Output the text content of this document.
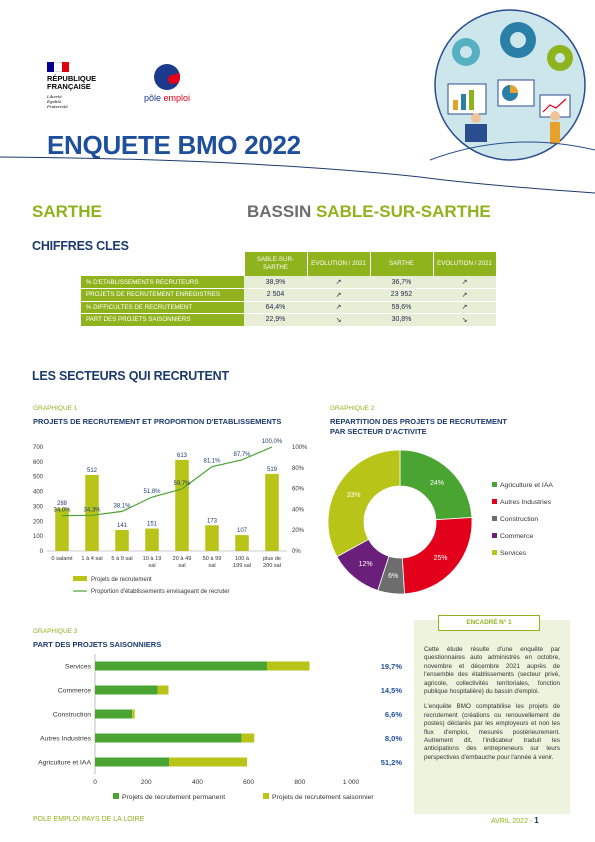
RÉPUBLIQUE
FRANÇAISE
Liberté
Égalité
Fraternité
pôle emploi
ENQUETE BMO 2022
SARTHE	BASSIN SABLE-SUR-SARTHE
CHIFFRES CLES
	SABLE-SUR-SARTHE	EVOLUTION / 2021	SARTHE	EVOLUTION / 2021
% D'ETABLISSEMENTS RECRUTEURS	38,9%	↗	36,7%	↗
PROJETS DE RECRUTEMENT ENREGISTRES	2 504	↗	23 952	↗
% DIFFICULTES DE RECRUTEMENT	64,4%	↗	59,6%	↗
PART DES PROJETS SAISONNIERS	22,9%	↘	30,8%	↘
LES SECTEURS QUI RECRUTENT
GRAPHIQUE 1
PROJETS DE RECRUTEMENT ET PROPORTION D'ETABLISSEMENTS
0
100
200
300
400
500
600
700
0%
20%
40%
60%
80%
100%
288
0 salarié
512
1 à 4 sal
141
5 à 9 sal
151
10 à 19
sal
613
20 à 49
sal
173
50 à 99
sal
107
100 à
199 sal
519
plus de
200 sal
34,0% 34,3%
38,1%
51,8%
59,7%
81,1%
87,7%
100,0%
Projets de recrutement
Proportion d'établissements envisageant de recruter
GRAPHIQUE 2
REPARTITION DES PROJETS DE RECRUTEMENT
PAR SECTEUR D'ACTIVITE
24%
25%
6%
12%
33%
Agriculture et IAA
Autres Industries
Construction
Commerce
Services
GRAPHIQUE 3
PART DES PROJETS SAISONNIERS
0	200	400	600	800	1 000
Services	19,7%
Commerce	14,5%
Construction	6,6%
Autres Industries	8,0%
Agriculture et IAA	51,2%
Projets de recrutement permanent	Projets de recrutement saisonnier
ENCADRÉ N° 1

Cette étude résulte d'une enquête par questionnaires auto administrés en octobre, novembre et décembre 2021 auprès de l'ensemble des établissements (secteur privé, agricole, collectivités territoriales, fonction publique hospitalière) du bassin d'emploi.

L'enquête BMO comptabilise les projets de recrutement (créations ou renouvellement de postes) déclarés par les employeurs et non les flux d'emploi, mesurés postérieurement. Autrement dit, l'indicateur traduit les anticipations des entrepreneurs sur leurs perspectives d'embauche pour l'année à venir.

POLE EMPLOI PAYS DE LA LOIRE	AVRIL 2022 - 1
